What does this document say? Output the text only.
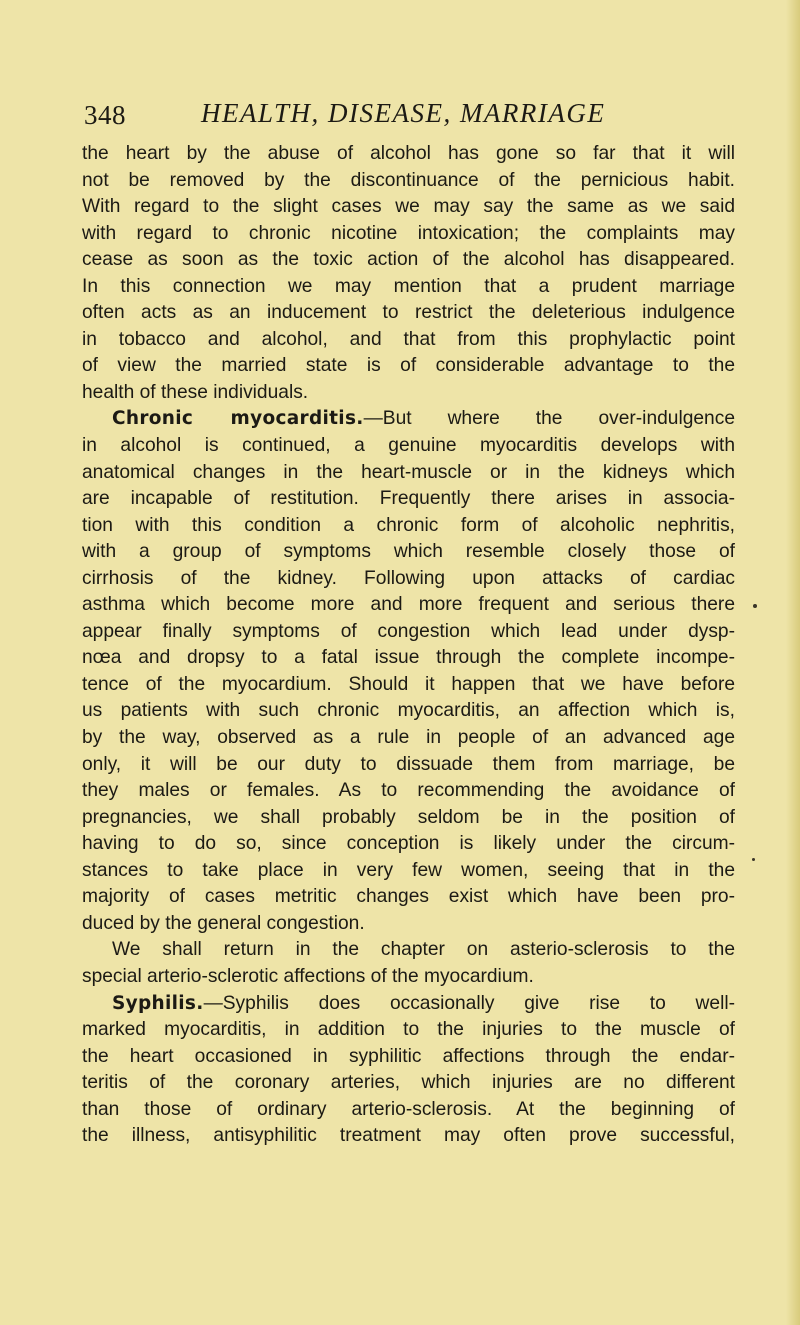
348	HEALTH, DISEASE, MARRIAGE
the heart by the abuse of alcohol has gone so far that it will
not be removed by the discontinuance of the pernicious habit.
With regard to the slight cases we may say the same as we said
with regard to chronic nicotine intoxication; the complaints may
cease as soon as the toxic action of the alcohol has disappeared.
In this connection we may mention that a prudent marriage
often acts as an inducement to restrict the deleterious indulgence
in tobacco and alcohol, and that from this prophylactic point
of view the married state is of considerable advantage to the
health of these individuals.
Chronic myocarditis.—But where the over-indulgence
in alcohol is continued, a genuine myocarditis develops with
anatomical changes in the heart-muscle or in the kidneys which
are incapable of restitution. Frequently there arises in associa-
tion with this condition a chronic form of alcoholic nephritis,
with a group of symptoms which resemble closely those of
cirrhosis of the kidney. Following upon attacks of cardiac
asthma which become more and more frequent and serious there
appear finally symptoms of congestion which lead under dysp-
nœa and dropsy to a fatal issue through the complete incompe-
tence of the myocardium. Should it happen that we have before
us patients with such chronic myocarditis, an affection which is,
by the way, observed as a rule in people of an advanced age
only, it will be our duty to dissuade them from marriage, be
they males or females. As to recommending the avoidance of
pregnancies, we shall probably seldom be in the position of
having to do so, since conception is likely under the circum-
stances to take place in very few women, seeing that in the
majority of cases metritic changes exist which have been pro-
duced by the general congestion.
We shall return in the chapter on asterio-sclerosis to the
special arterio-sclerotic affections of the myocardium.
Syphilis.—Syphilis does occasionally give rise to well-
marked myocarditis, in addition to the injuries to the muscle of
the heart occasioned in syphilitic affections through the endar-
teritis of the coronary arteries, which injuries are no different
than those of ordinary arterio-sclerosis. At the beginning of
the illness, antisyphilitic treatment may often prove successful,
